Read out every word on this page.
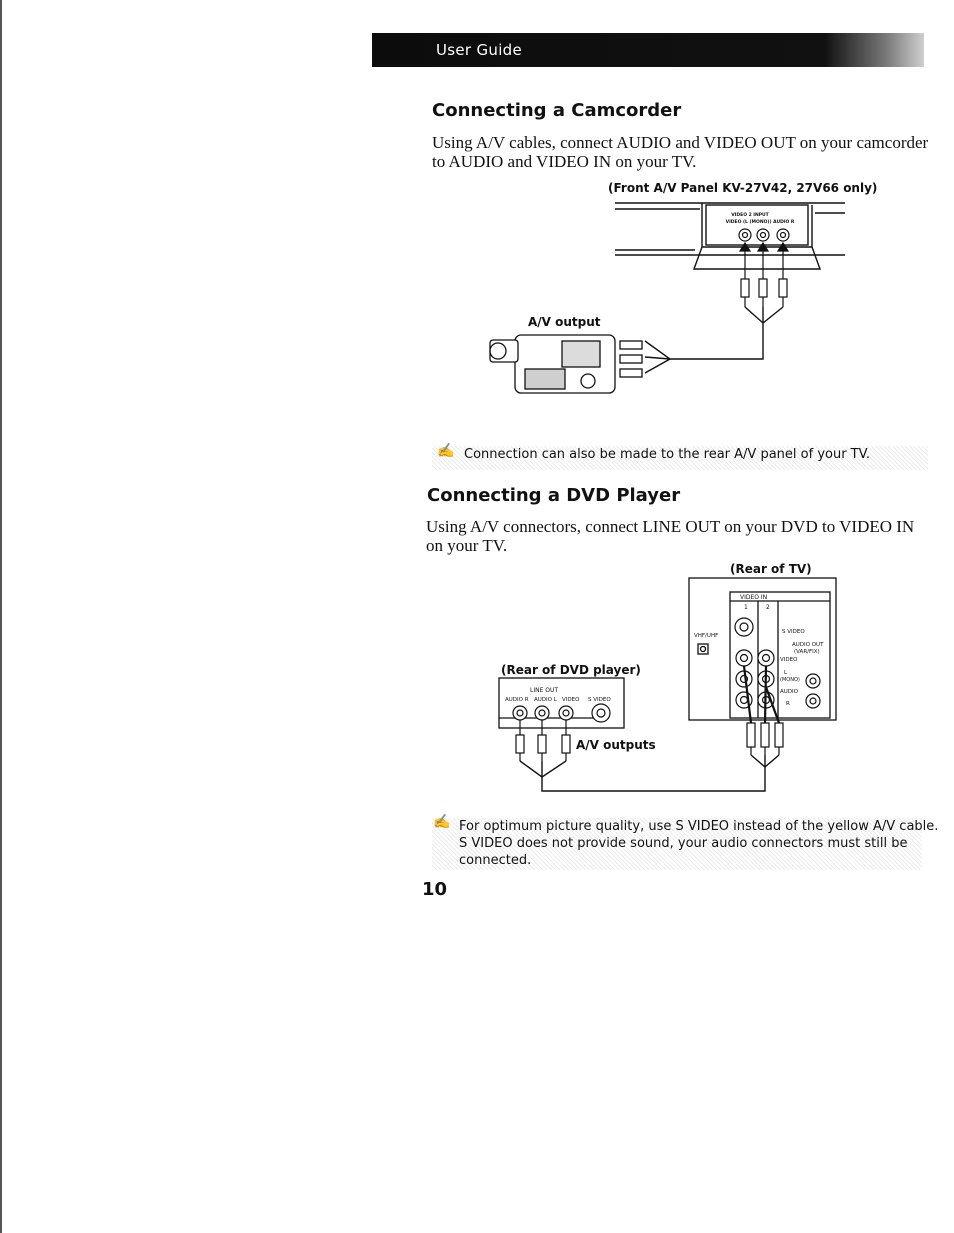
User Guide
Connecting a Camcorder

Using A/V cables, connect AUDIO and VIDEO OUT on your camcorder to AUDIO and VIDEO IN on your TV.

(Front A/V Panel KV-27V42, 27V66 only)
VIDEO 2 INPUT
VIDEO (L (MONO)) AUDIO R
A/V output
✍ Connection can also be made to the rear A/V panel of your TV.
Connecting a DVD Player

Using A/V connectors, connect LINE OUT on your DVD to VIDEO IN on your TV.

(Rear of TV)
(Rear of DVD player)
LINE OUT
AUDIO R AUDIO L VIDEO S VIDEO
A/V outputs
VIDEO IN
1	2
VHF/UHF
S VIDEO
AUDIO OUT
(VAR/FIX)
VIDEO
L
(MONO)
AUDIO
R
✍ For optimum picture quality, use S VIDEO instead of the yellow A/V cable.
S VIDEO does not provide sound, your audio connectors must still be
connected.
10
